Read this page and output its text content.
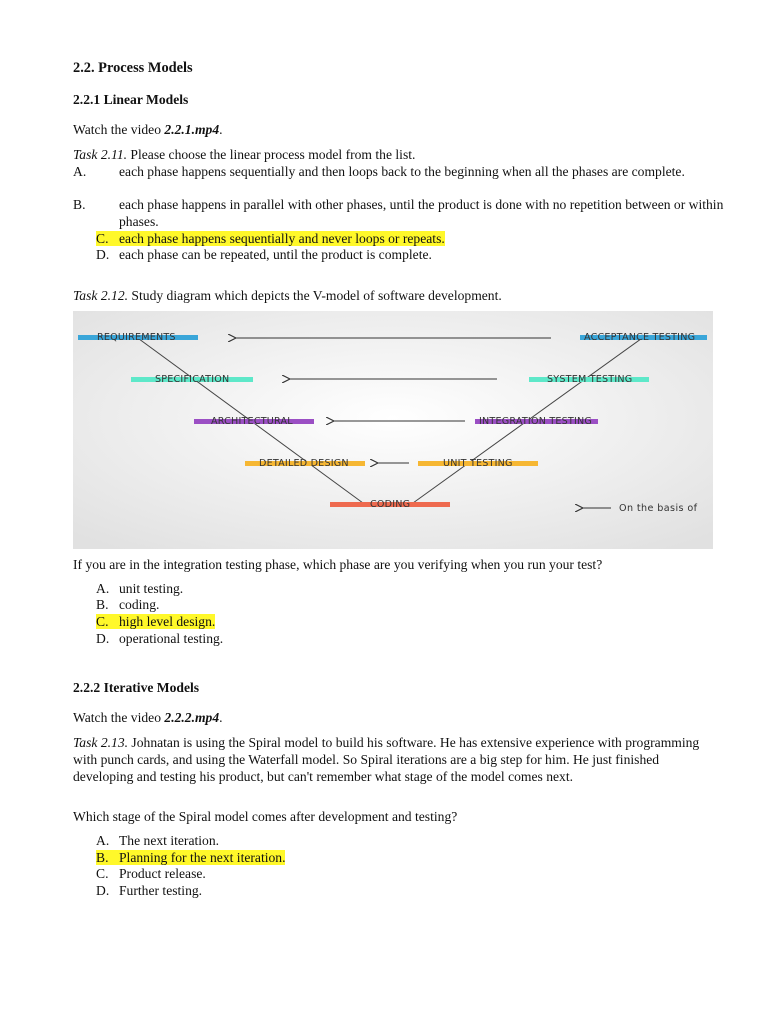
2.2. Process Models
2.2.1 Linear Models
Watch the video 2.2.1.mp4.
Task 2.11. Please choose the linear process model from the list.
A. each phase happens sequentially and then loops back to the beginning when all the phases are complete.
B. each phase happens in parallel with other phases, until the product is done with no repetition between or within phases.
C. each phase happens sequentially and never loops or repeats.
D. each phase can be repeated, until the product is complete.
Task 2.12. Study diagram which depicts the V-model of software development.
REQUIREMENTS
SPECIFICATION
ARCHITECTURAL
DETAILED DESIGN
CODING
ACCEPTANCE TESTING
SYSTEM TESTING
INTEGRATION TESTING
UNIT TESTING
On the basis of
If you are in the integration testing phase, which phase are you verifying when you run your test?
A. unit testing.
B. coding.
C. high level design.
D. operational testing.
2.2.2 Iterative Models
Watch the video 2.2.2.mp4.
Task 2.13. Johnatan is using the Spiral model to build his software. He has extensive experience with programming with punch cards, and using the Waterfall model. So Spiral iterations are a big step for him. He just finished developing and testing his product, but can't remember what stage of the model comes next.
Which stage of the Spiral model comes after development and testing?
A. The next iteration.
B. Planning for the next iteration.
C. Product release.
D. Further testing.
